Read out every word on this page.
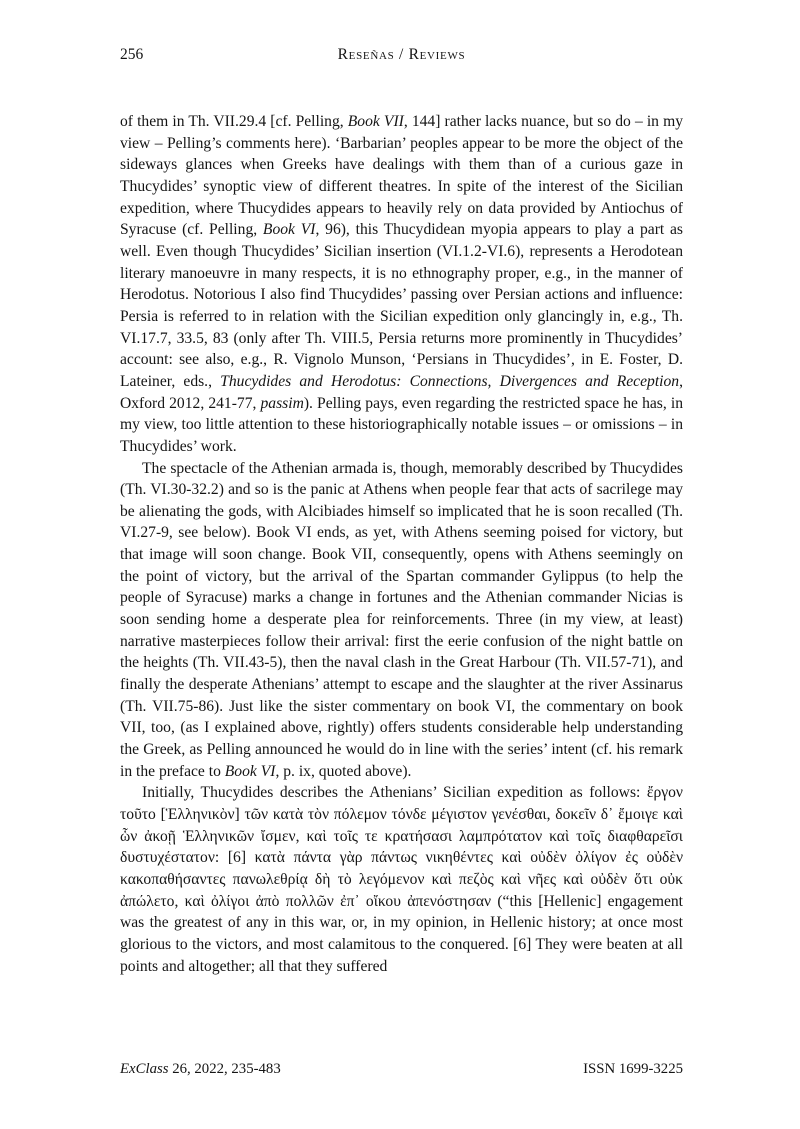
256	Reseñas / Reviews

of them in Th. VII.29.4 [cf. Pelling, Book VII, 144] rather lacks nuance, but so do – in my view – Pelling’s comments here). ‘Barbarian’ peoples appear to be more the object of the sideways glances when Greeks have dealings with them than of a curious gaze in Thucydides’ synoptic view of different theatres. In spite of the interest of the Sicilian expedition, where Thucydides appears to heavily rely on data provided by Antiochus of Syracuse (cf. Pelling, Book VI, 96), this Thucydidean myopia appears to play a part as well. Even though Thucydides’ Sicilian insertion (VI.1.2-VI.6), represents a Herodotean literary manoeuvre in many respects, it is no ethnography proper, e.g., in the manner of Herodotus. Notorious I also find Thucydides’ passing over Persian actions and influence: Persia is referred to in relation with the Sicilian expedition only glancingly in, e.g., Th. VI.17.7, 33.5, 83 (only after Th. VIII.5, Persia returns more prominently in Thucydides’ account: see also, e.g., R. Vignolo Munson, ‘Persians in Thucydides’, in E. Foster, D. Lateiner, eds., Thucydides and Herodotus: Connections, Divergences and Reception, Oxford 2012, 241-77, passim). Pelling pays, even regarding the restricted space he has, in my view, too little attention to these historiographically notable issues – or omissions – in Thucydides’ work.

The spectacle of the Athenian armada is, though, memorably described by Thucydides (Th. VI.30-32.2) and so is the panic at Athens when people fear that acts of sacrilege may be alienating the gods, with Alcibiades himself so implicated that he is soon recalled (Th. VI.27-9, see below). Book VI ends, as yet, with Athens seeming poised for victory, but that image will soon change. Book VII, consequently, opens with Athens seemingly on the point of victory, but the arrival of the Spartan commander Gylippus (to help the people of Syracuse) marks a change in fortunes and the Athenian commander Nicias is soon sending home a desperate plea for reinforcements. Three (in my view, at least) narrative masterpieces follow their arrival: first the eerie confusion of the night battle on the heights (Th. VII.43-5), then the naval clash in the Great Harbour (Th. VII.57-71), and finally the desperate Athenians’ attempt to escape and the slaughter at the river Assinarus (Th. VII.75-86). Just like the sister commentary on book VI, the commentary on book VII, too, (as I explained above, rightly) offers students considerable help understanding the Greek, as Pelling announced he would do in line with the series’ intent (cf. his remark in the preface to Book VI, p. ix, quoted above).

Initially, Thucydides describes the Athenians’ Sicilian expedition as follows: ἔργον τοῦτο [Ἑλληνικὸν] τῶν κατὰ τὸν πόλεμον τόνδε μέγιστον γενέσθαι, δοκεῖν δ᾽ ἔμοιγε καὶ ὧν ἀκοῇ Ἑλληνικῶν ἴσμεν, καὶ τοῖς τε κρατήσασι λαμπρότατον καὶ τοῖς διαφθαρεῖσι δυστυχέστατον: [6] κατὰ πάντα γὰρ πάντως νικηθέντες καὶ οὐδὲν ὀλίγον ἐς οὐδὲν κακοπαθήσαντες πανωλεθρίᾳ δὴ τὸ λεγόμενον καὶ πεζὸς καὶ νῆες καὶ οὐδὲν ὅτι οὐκ ἀπώλετο, καὶ ὀλίγοι ἀπὸ πολλῶν ἐπ᾽ οἴκου ἀπενόστησαν (“this [Hellenic] engagement was the greatest of any in this war, or, in my opinion, in Hellenic history; at once most glorious to the victors, and most calamitous to the conquered. [6] They were beaten at all points and altogether; all that they suffered

ExClass 26, 2022, 235-483	ISSN 1699-3225
